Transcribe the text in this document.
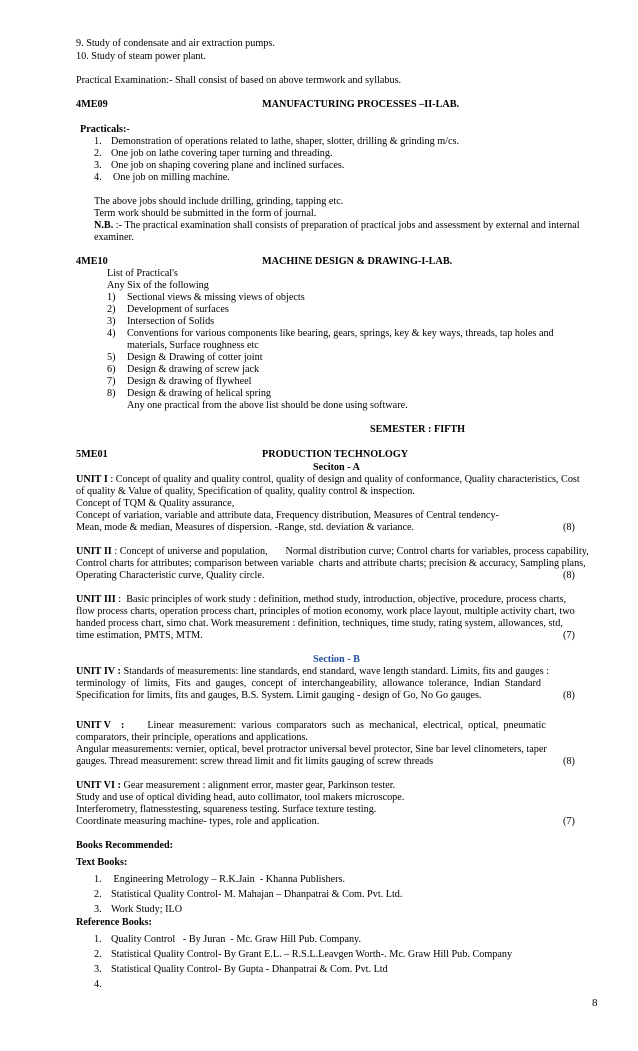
9. Study of condensate and air extraction pumps.
10. Study of steam power plant.
Practical Examination:- Shall consist of based on above termwork and syllabus.
4ME09	MANUFACTURING PROCESSES –II-LAB.
Practicals:-
1. Demonstration of operations related to lathe, shaper, slotter, drilling & grinding m/cs.
2. One job on lathe covering taper turning and threading.
3. One job on shaping covering plane and inclined surfaces.
4. One job on milling machine.
The above jobs should include drilling, grinding, tapping etc.
Term work should be submitted in the form of journal.
N.B. :- The practical examination shall consists of preparation of practical jobs and assessment by external and internal
examiner.
4ME10	MACHINE DESIGN & DRAWING-I-LAB.
List of Practical's
Any Six of the following
1) Sectional views & missing views of objects
2) Development of surfaces
3) Intersection of Solids
4) Conventions for various components like bearing, gears, springs, key & key ways, threads, tap holes and
materials, Surface roughness etc
5) Design & Drawing of cotter joint
6) Design & drawing of screw jack
7) Design & drawing of flywheel
8) Design & drawing of helical spring
Any one practical from the above list should be done using software.
SEMESTER : FIFTH
5ME01	PRODUCTION TECHNOLOGY
Seciton - A
UNIT I : Concept of quality and quality control, quality of design and quality of conformance, Quality characteristics, Cost
of quality & Value of quality, Specification of quality, quality control & inspection.
Concept of TQM & Quality assurance,
Concept of variation, variable and attribute data, Frequency distribution, Measures of Central tendency-
Mean, mode & median, Measures of dispersion. -Range, std. deviation & variance.	(8)
UNIT II : Concept of universe and population,       Normal distribution curve; Control charts for variables, process capability,
Control charts for attributes; comparison between variable  charts and attribute charts; precision & accuracy, Sampling plans,
Operating Characteristic curve, Quality circle.	(8)
UNIT III :  Basic principles of work study : definition, method study, introduction, objective, procedure, process charts,
flow process charts, operation process chart, principles of motion economy, work place layout, multiple activity chart, two
handed process chart, simo chat. Work measurement : definition, techniques, time study, rating system, allowances, std,
time estimation, PMTS, MTM.	(7)
Section - B
UNIT IV : Standards of measurements: line standards, end standard, wave length standard. Limits, fits and gauges :
terminology  of  limits,  Fits  and  gauges,  concept  of  interchangeability,  allowance  tolerance,  Indian  Standard
Specification for limits, fits and gauges, B.S. System. Limit gauging - design of Go, No Go gauges.	(8)
UNIT V    :         Linear  measurement:  various  comparators  such  as  mechanical,  electrical,  optical,  pneumatic
comparators, their principle, operations and applications.
Angular measurements: vernier, optical, bevel protractor universal bevel protector, Sine bar level clinometers, taper
gauges. Thread measurement: screw thread limit and fit limits gauging of screw threads	(8)
UNIT VI : Gear measurement : alignment error, master gear, Parkinson tester.
Study and use of optical dividing head, auto collimator, tool makers microscope.
Interferometry, flatnesstesting, squareness testing. Surface texture testing.
Coordinate measuring machine- types, role and application.	(7)
Books Recommended:
Text Books:
1. Engineering Metrology – R.K.Jain  - Khanna Publishers.
2. Statistical Quality Control- M. Mahajan – Dhanpatrai & Com. Pvt. Ltd.
3. Work Study; ILO
Reference Books:
1. Quality Control   - By Juran  - Mc. Graw Hill Pub. Company.
2. Statistical Quality Control- By Grant E.L. – R.S.L.Leavgen Worth-. Mc. Graw Hill Pub. Company
3. Statistical Quality Control- By Gupta - Dhanpatrai & Com. Pvt. Ltd
4.
8
